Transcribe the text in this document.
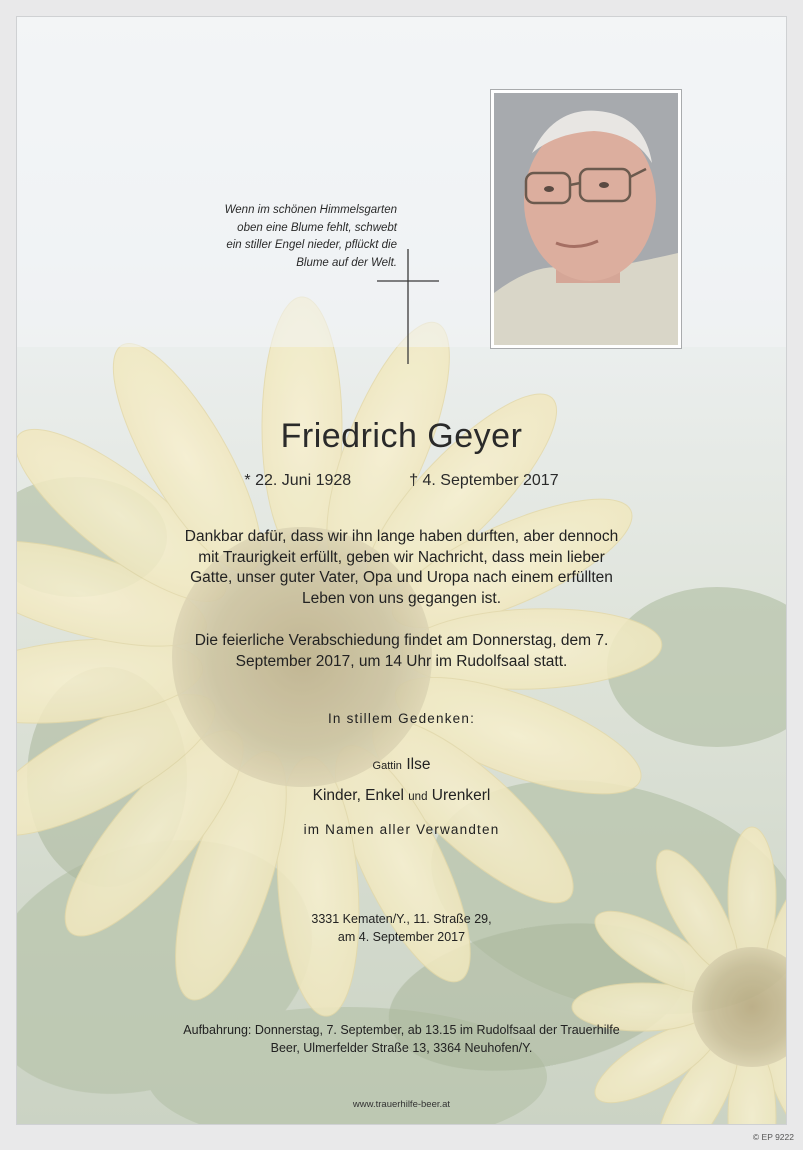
Wenn im schönen Himmelsgarten
oben eine Blume fehlt, schwebt
ein stiller Engel nieder, pflückt die
Blume auf der Welt.
Friedrich Geyer
* 22. Juni 1928	† 4. September 2017
Dankbar dafür, dass wir ihn lange haben durften, aber dennoch mit Traurigkeit erfüllt, geben wir Nachricht, dass mein lieber Gatte, unser guter Vater, Opa und Uropa nach einem erfüllten Leben von uns gegangen ist.
Die feierliche Verabschiedung findet am Donnerstag, dem 7. September 2017, um 14 Uhr im Rudolfsaal statt.
In stillem Gedenken:
Gattin Ilse
Kinder, Enkel und Urenkerl
im Namen aller Verwandten
3331 Kematen/Y., 11. Straße 29,
am 4. September 2017
Aufbahrung: Donnerstag, 7. September, ab 13.15 im Rudolfsaal der Trauerhilfe
Beer, Ulmerfelder Straße 13, 3364 Neuhofen/Y.
www.trauerhilfe-beer.at
© EP 9222
